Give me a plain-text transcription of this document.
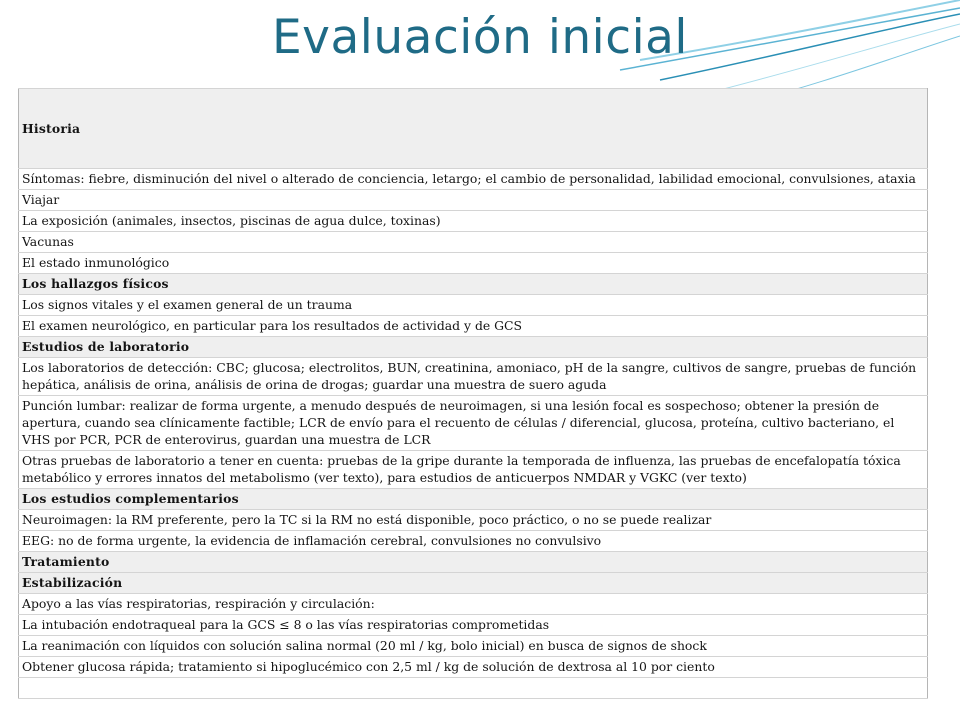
Evaluación inicial
Historia
Síntomas: fiebre, disminución del nivel o alterado de conciencia, letargo; el cambio de personalidad, labilidad emocional, convulsiones, ataxia
Viajar
La exposición (animales, insectos, piscinas de agua dulce, toxinas)
Vacunas
El estado inmunológico
Los hallazgos físicos
Los signos vitales y el examen general de un trauma
El examen neurológico, en particular para los resultados de actividad y de GCS
Estudios de laboratorio
Los laboratorios de detección: CBC; glucosa; electrolitos, BUN, creatinina, amoniaco, pH de la sangre, cultivos de sangre, pruebas de función hepática, análisis de orina, análisis de orina de drogas; guardar una muestra de suero aguda
Punción lumbar: realizar de forma urgente, a menudo después de neuroimagen, si una lesión focal es sospechoso; obtener la presión de apertura, cuando sea clínicamente factible; LCR de envío para el recuento de células / diferencial, glucosa, proteína, cultivo bacteriano, el VHS por PCR, PCR de enterovirus, guardan una muestra de LCR
Otras pruebas de laboratorio a tener en cuenta: pruebas de la gripe durante la temporada de influenza, las pruebas de encefalopatía tóxica metabólico y errores innatos del metabolismo (ver texto), para estudios de anticuerpos NMDAR y VGKC (ver texto)
Los estudios complementarios
Neuroimagen: la RM preferente, pero la TC si la RM no está disponible, poco práctico, o no se puede realizar
EEG: no de forma urgente, la evidencia de inflamación cerebral, convulsiones no convulsivo
Tratamiento
Estabilización
Apoyo a las vías respiratorias, respiración y circulación:
La intubación endotraqueal para la GCS ≤ 8 o las vías respiratorias comprometidas
La reanimación con líquidos con solución salina normal (20 ml / kg, bolo inicial) en busca de signos de shock
Obtener glucosa rápida; tratamiento si hipoglucémico con 2,5 ml / kg de solución de dextrosa al 10 por ciento
